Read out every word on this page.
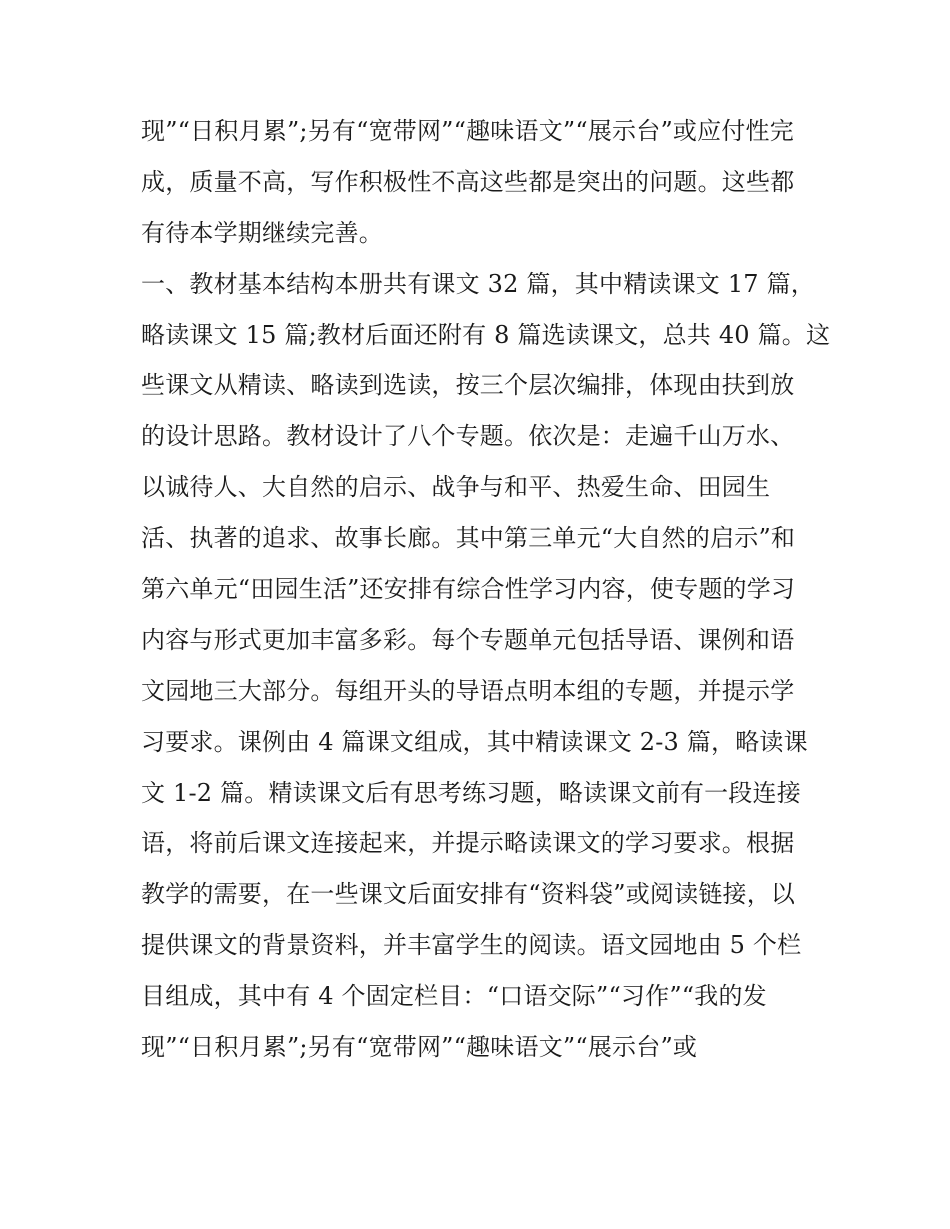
现”“日积月累”;另有“宽带网”“趣味语文”“展示台”或应付性完
成，质量不高，写作积极性不高这些都是突出的问题。这些都
有待本学期继续完善。
一、教材基本结构本册共有课文 32 篇，其中精读课文 17 篇，
略读课文 15 篇;教材后面还附有 8 篇选读课文，总共 40 篇。这
些课文从精读、略读到选读，按三个层次编排，体现由扶到放
的设计思路。教材设计了八个专题。依次是：走遍千山万水、
以诚待人、大自然的启示、战争与和平、热爱生命、田园生
活、执著的追求、故事长廊。其中第三单元“大自然的启示”和
第六单元“田园生活”还安排有综合性学习内容，使专题的学习
内容与形式更加丰富多彩。每个专题单元包括导语、课例和语
文园地三大部分。每组开头的导语点明本组的专题，并提示学
习要求。课例由 4 篇课文组成，其中精读课文 2-3 篇，略读课
文 1-2 篇。精读课文后有思考练习题，略读课文前有一段连接
语，将前后课文连接起来，并提示略读课文的学习要求。根据
教学的需要，在一些课文后面安排有“资料袋”或阅读链接，以
提供课文的背景资料，并丰富学生的阅读。语文园地由 5 个栏
目组成，其中有 4 个固定栏目：“口语交际”“习作”“我的发
现”“日积月累”;另有“宽带网”“趣味语文”“展示台”或
